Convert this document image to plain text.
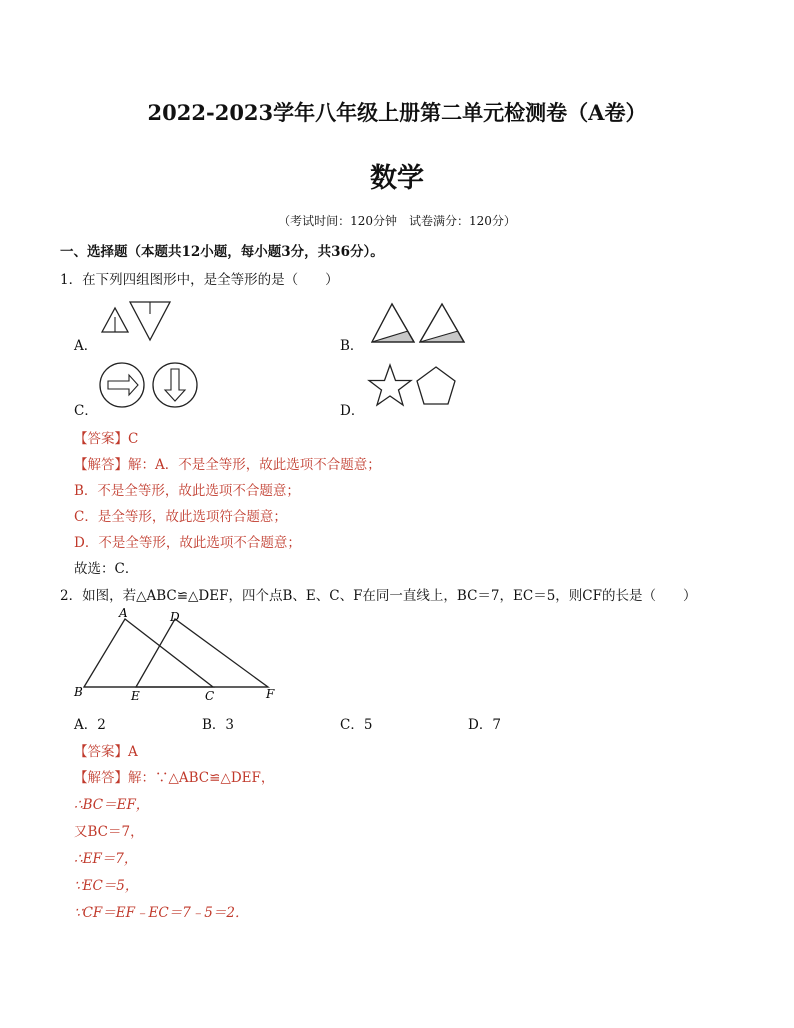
2022-2023学年八年级上册第二单元检测卷（A卷）
数学
（考试时间：120分钟　试卷满分：120分）
一、选择题（本题共12小题，每小题3分，共36分）。
1．在下列四组图形中，是全等形的是（　　）
A．	B．
C．	D．
【答案】C
【解答】解：A．不是全等形，故此选项不合题意；
B．不是全等形，故此选项不合题意；
C．是全等形，故此选项符合题意；
D．不是全等形，故此选项不合题意；
故选：C．
2．如图，若△ABC≌△DEF，四个点B、E、C、F在同一直线上，BC＝7，EC＝5，则CF的长是（　　）
A	D
B	E	C	F
A．2	B．3	C．5	D．7
【答案】A
【解答】解：∵△ABC≌△DEF，
∴BC＝EF，
又BC＝7，
∴EF＝7，
∵EC＝5，
∵CF＝EF﹣EC＝7﹣5＝2．
